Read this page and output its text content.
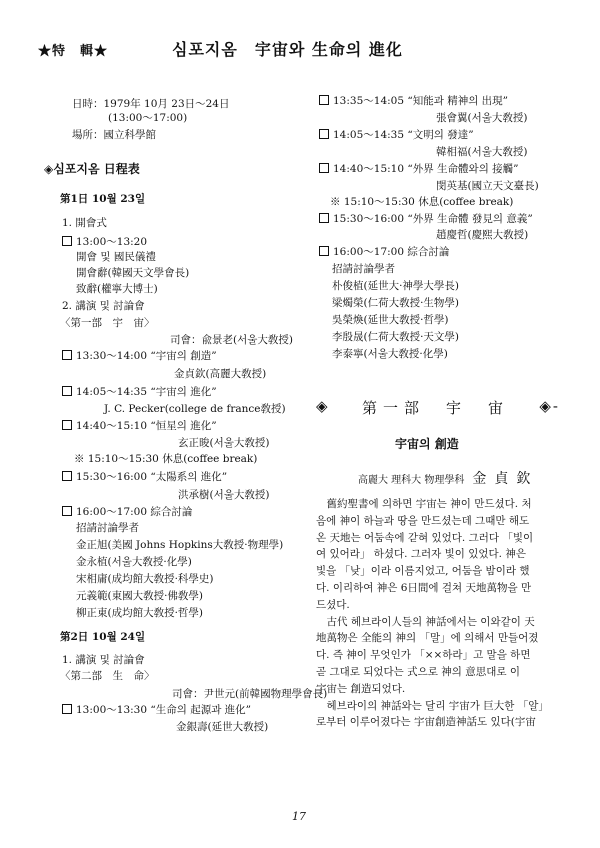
★特　輯★	심포지옴　宇宙와 生命의 進化
日時：1979年 10月 23日～24日
(13:00～17:00)
場所：國立科學館
◈심포지옴 日程表
第1日 10월 23일
1. 開會式
13:00～13:20
開會 및 國民儀禮
開會辭(韓國天文學會長)
致辭(權寧大博士)
2. 講演 및 討論會
〈第一部　宇　宙〉
司會：兪景老(서울大敎授)
13:30～14:00 “宇宙의 創造”
金貞欽(高麗大敎授)
14:05～14:35 “宇宙의 進化”
J. C. Pecker(college de france敎授)
14:40～15:10 “恒星의 進化”
玄正晙(서울大敎授)
※ 15:10～15:30 休息(coffee break)
15:30～16:00 “太陽系의 進化”
洪承樹(서울大敎授)
16:00～17:00 綜合討論
招請討論學者
金正旭(美國 Johns Hopkins大敎授·物理學)
金永植(서울大敎授·化學)
宋相庸(成均館大敎授·科學史)
元義範(東國大敎授·佛敎學)
柳正東(成均館大敎授·哲學)
第2日 10월 24일
1. 講演 및 討論會
〈第二部　生　命〉
司會：尹世元(前韓國物理學會長)
13:00～13:30 “生命의 起源과 進化”
金銀壽(延世大敎授)
13:35～14:05 “知能과 精神의 出現”
張會翼(서울大敎授)
14:05～14:35 “文明의 發達”
韓相福(서울大敎授)
14:40～15:10 “外界 生命體와의 接觸”
閔英基(國立天文臺長)
※ 15:10～15:30 休息(coffee break)
15:30～16:00 “外界 生命體 發見의 意義”
趙慶哲(慶熙大敎授)
16:00～17:00 綜合討論
招請討論學者
朴俊植(延世大·神學大學長)
梁燭榮(仁荷大敎授·生物學)
吳榮煥(延世大敎授·哲學)
李殷晟(仁荷大敎授·天文學)
李泰寧(서울大敎授·化學)
◈ 第一部　宇　宙 ◈-
宇宙의 創造
高麗大 理科大 物理學科 金貞欽

　舊約聖書에 의하면 宇宙는 神이 만드셨다. 처

음에 神이 하늘과 땅을 만드셨는데 그때만 해도

온 天地는 어둠속에 갇혀 있었다. 그러다 「빛이

여 있어라」 하셨다. 그러자 빛이 있었다. 神은

빛을 「낮」이라 이름지었고, 어둠을 밤이라 했

다. 이리하여 神은 6日間에 걸쳐 天地萬物을 만

드셨다.

　古代 헤브라이人들의 神話에서는 이와같이 天

地萬物은 全能의 神의 「말」에 의해서 만들어졌

다. 즉 神이 무엇인가 「××하라」고 말을 하면

곧 그대로 되었다는 式으로 神의 意思대로 이

宇宙는 創造되었다.

　헤브라이의 神話와는 달리 宇宙가 巨大한 「알」

로부터 이루어졌다는 宇宙創造神話도 있다(宇宙

17
